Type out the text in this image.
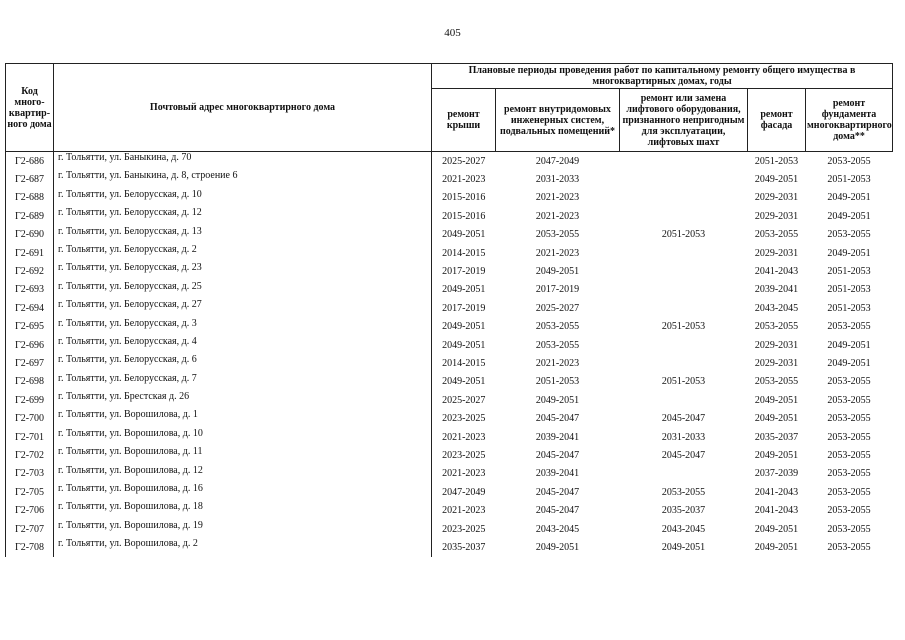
405
Код много-квартир-ного дома	Почтовый адрес многоквартирного дома	Плановые периоды проведения работ по капитальному ремонту общего имущества в многоквартирных домах, годы				
		ремонт крыши	ремонт внутридомовых инженерных систем, подвальных помещений*	ремонт или замена лифтового оборудования, признанного непригодным для эксплуатации, лифтовых шахт	ремонт фасада	ремонт фундамента многоквартирного дома**
Г2-686	г. Тольятти, ул. Баныкина, д. 70	2025-2027	2047-2049		2051-2053	2053-2055
Г2-687	г. Тольятти, ул. Баныкина, д. 8, строение 6	2021-2023	2031-2033		2049-2051	2051-2053
Г2-688	г. Тольятти, ул. Белорусская, д. 10	2015-2016	2021-2023		2029-2031	2049-2051
Г2-689	г. Тольятти, ул. Белорусская, д. 12	2015-2016	2021-2023		2029-2031	2049-2051
Г2-690	г. Тольятти, ул. Белорусская, д. 13	2049-2051	2053-2055	2051-2053	2053-2055	2053-2055
Г2-691	г. Тольятти, ул. Белорусская, д. 2	2014-2015	2021-2023		2029-2031	2049-2051
Г2-692	г. Тольятти, ул. Белорусская, д. 23	2017-2019	2049-2051		2041-2043	2051-2053
Г2-693	г. Тольятти, ул. Белорусская, д. 25	2049-2051	2017-2019		2039-2041	2051-2053
Г2-694	г. Тольятти, ул. Белорусская, д. 27	2017-2019	2025-2027		2043-2045	2051-2053
Г2-695	г. Тольятти, ул. Белорусская, д. 3	2049-2051	2053-2055	2051-2053	2053-2055	2053-2055
Г2-696	г. Тольятти, ул. Белорусская, д. 4	2049-2051	2053-2055		2029-2031	2049-2051
Г2-697	г. Тольятти, ул. Белорусская, д. 6	2014-2015	2021-2023		2029-2031	2049-2051
Г2-698	г. Тольятти, ул. Белорусская, д. 7	2049-2051	2051-2053	2051-2053	2053-2055	2053-2055
Г2-699	г. Тольятти, ул. Брестская д. 26	2025-2027	2049-2051		2049-2051	2053-2055
Г2-700	г. Тольятти, ул. Ворошилова, д. 1	2023-2025	2045-2047	2045-2047	2049-2051	2053-2055
Г2-701	г. Тольятти, ул. Ворошилова, д. 10	2021-2023	2039-2041	2031-2033	2035-2037	2053-2055
Г2-702	г. Тольятти, ул. Ворошилова, д. 11	2023-2025	2045-2047	2045-2047	2049-2051	2053-2055
Г2-703	г. Тольятти, ул. Ворошилова, д. 12	2021-2023	2039-2041		2037-2039	2053-2055
Г2-705	г. Тольятти, ул. Ворошилова, д. 16	2047-2049	2045-2047	2053-2055	2041-2043	2053-2055
Г2-706	г. Тольятти, ул. Ворошилова, д. 18	2021-2023	2045-2047	2035-2037	2041-2043	2053-2055
Г2-707	г. Тольятти, ул. Ворошилова, д. 19	2023-2025	2043-2045	2043-2045	2049-2051	2053-2055
Г2-708	г. Тольятти, ул. Ворошилова, д. 2	2035-2037	2049-2051	2049-2051	2049-2051	2053-2055
